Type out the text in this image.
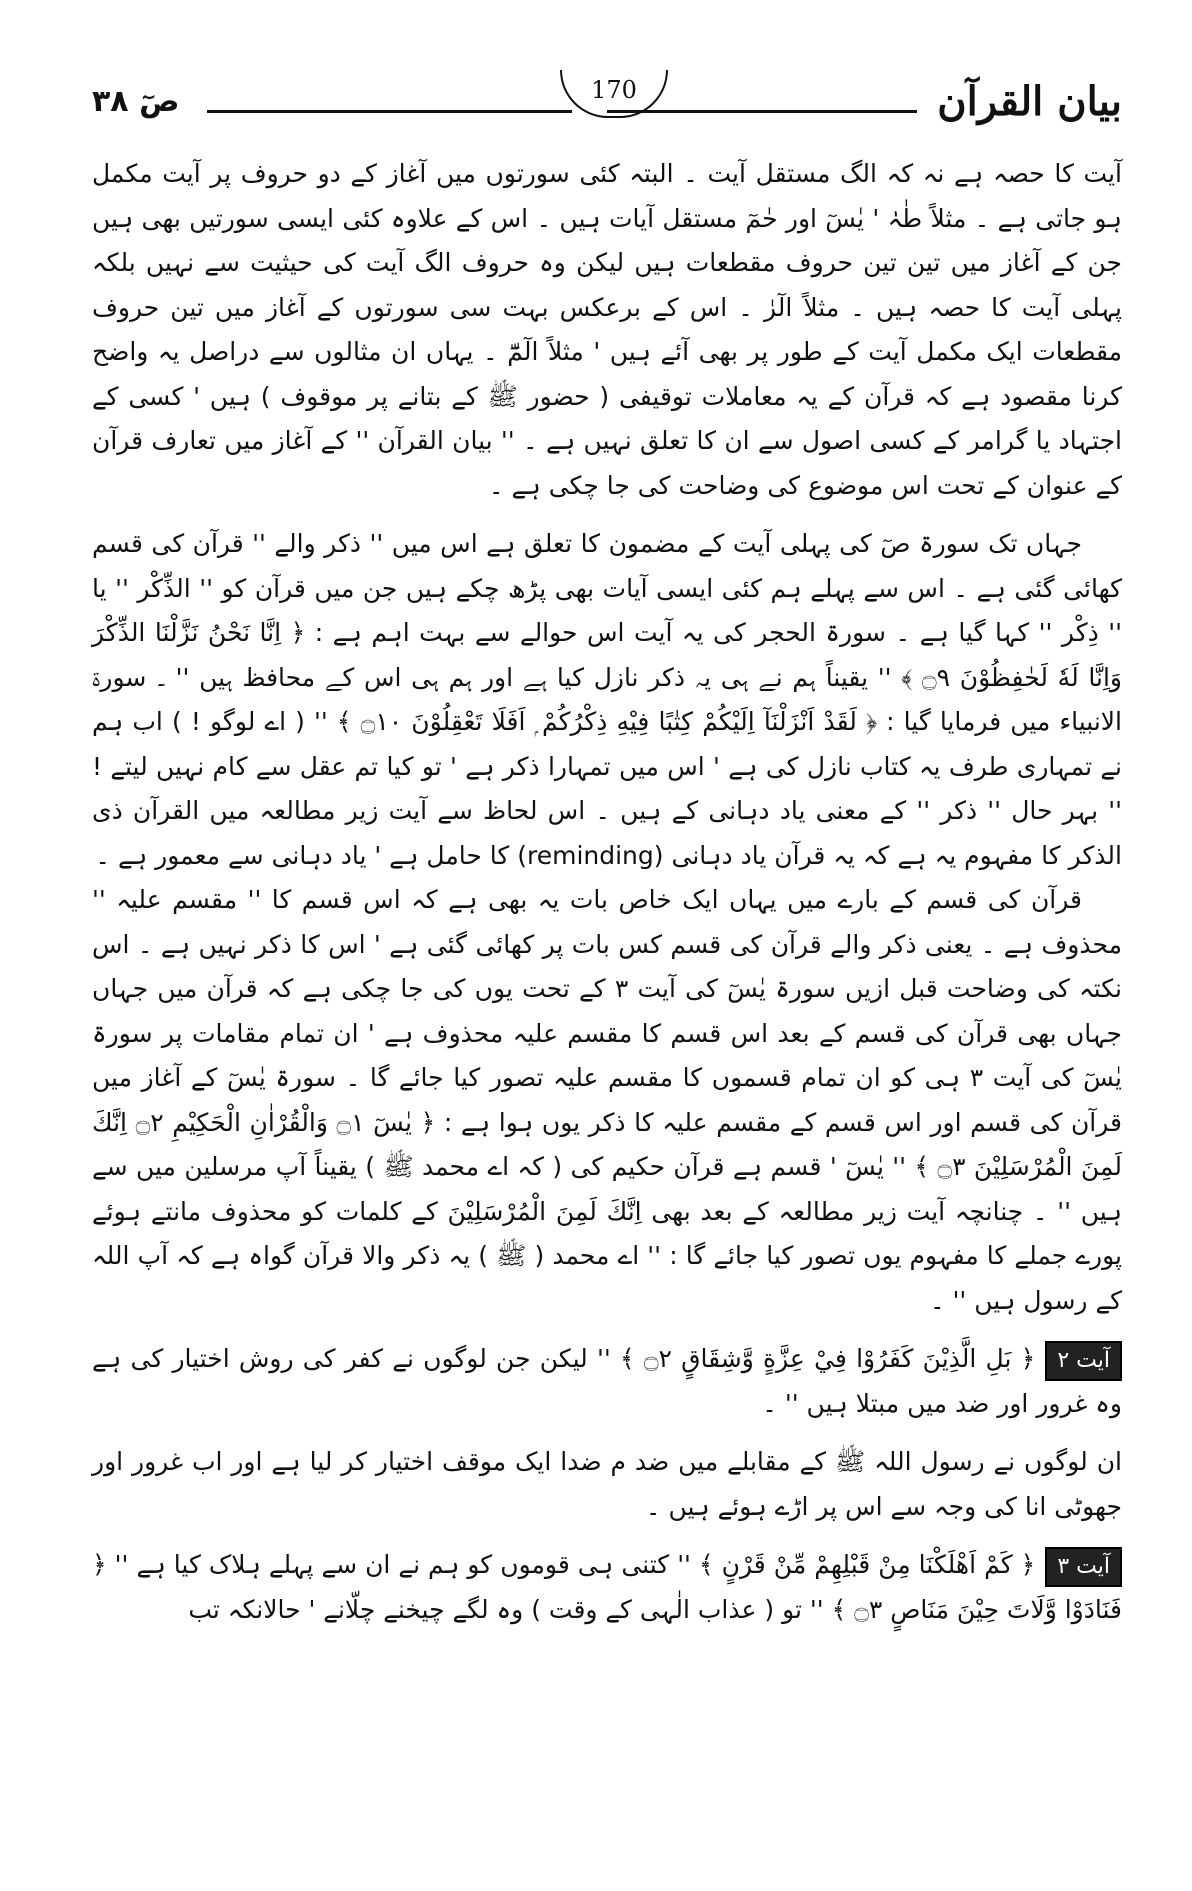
بیان القرآن
170
صٓ ۳۸

آیت کا حصہ ہے نہ کہ الگ مستقل آیت ۔ البتہ کئی سورتوں میں آغاز کے دو حروف پر آیت مکمل ہو جاتی ہے ۔ مثلاً طٰہٰ ' یٰسٓ اور حٰمٓ مستقل آیات ہیں ۔ اس کے علاوہ کئی ایسی سورتیں بھی ہیں جن کے آغاز میں تین تین حروف مقطعات ہیں لیکن وہ حروف الگ آیت کی حیثیت سے نہیں بلکہ پہلی آیت کا حصہ ہیں ۔ مثلاً الٓرٰ ۔ اس کے برعکس بہت سی سورتوں کے آغاز میں تین حروف مقطعات ایک مکمل آیت کے طور پر بھی آئے ہیں ' مثلاً الٓمّٓ ۔ یہاں ان مثالوں سے دراصل یہ واضح کرنا مقصود ہے کہ قرآن کے یہ معاملات توقیفی ( حضور ﷺ کے بتانے پر موقوف ) ہیں ' کسی کے اجتہاد یا گرامر کے کسی اصول سے ان کا تعلق نہیں ہے ۔ '' بیان القرآن '' کے آغاز میں تعارف قرآن کے عنوان کے تحت اس موضوع کی وضاحت کی جا چکی ہے ۔

جہاں تک سورۃ صٓ کی پہلی آیت کے مضمون کا تعلق ہے اس میں '' ذکر والے '' قرآن کی قسم کھائی گئی ہے ۔ اس سے پہلے ہم کئی ایسی آیات بھی پڑھ چکے ہیں جن میں قرآن کو '' الذِّكْر '' یا '' ذِكْر '' کہا گیا ہے ۔ سورۃ الحجر کی یہ آیت اس حوالے سے بہت اہم ہے : ﴿ اِنَّا نَحْنُ نَزَّلْنَا الذِّكْرَ وَاِنَّا لَهٗ لَحٰفِظُوْنَ ۝۹ ﴾ '' یقیناً ہم نے ہی یہ ذکر نازل کیا ہے اور ہم ہی اس کے محافظ ہیں '' ۔ سورۃ الانبیاء میں فرمایا گیا : ﴿ لَقَدْ اَنْزَلْنَآ اِلَيْكُمْ كِتٰبًا فِيْهِ ذِكْرُكُمْ ۭ اَفَلَا تَعْقِلُوْنَ ۝۱۰ ﴾ '' ( اے لوگو ! ) اب ہم نے تمہاری طرف یہ کتاب نازل کی ہے ' اس میں تمہارا ذکر ہے ' تو کیا تم عقل سے کام نہیں لیتے ! '' بہر حال '' ذکر '' کے معنی یاد دہانی کے ہیں ۔ اس لحاظ سے آیت زیر مطالعہ میں القرآن ذی الذکر کا مفہوم یہ ہے کہ یہ قرآن یاد دہانی (reminding) کا حامل ہے ' یاد دہانی سے معمور ہے ۔

قرآن کی قسم کے بارے میں یہاں ایک خاص بات یہ بھی ہے کہ اس قسم کا '' مقسم علیہ '' محذوف ہے ۔ یعنی ذکر والے قرآن کی قسم کس بات پر کھائی گئی ہے ' اس کا ذکر نہیں ہے ۔ اس نکتہ کی وضاحت قبل ازیں سورۃ یٰسٓ کی آیت ۳ کے تحت یوں کی جا چکی ہے کہ قرآن میں جہاں جہاں بھی قرآن کی قسم کے بعد اس قسم کا مقسم علیہ محذوف ہے ' ان تمام مقامات پر سورۃ یٰسٓ کی آیت ۳ ہی کو ان تمام قسموں کا مقسم علیہ تصور کیا جائے گا ۔ سورۃ یٰسٓ کے آغاز میں قرآن کی قسم اور اس قسم کے مقسم علیہ کا ذکر یوں ہوا ہے : ﴿ یٰسٓ ۝۱ وَالْقُرْاٰنِ الْحَكِيْمِ ۝۲ اِنَّكَ لَمِنَ الْمُرْسَلِيْنَ ۝۳ ﴾ '' یٰسٓ ' قسم ہے قرآن حکیم کی ( کہ اے محمد ﷺ ) یقیناً آپ مرسلین میں سے ہیں '' ۔ چنانچہ آیت زیر مطالعہ کے بعد بھی اِنَّكَ لَمِنَ الْمُرْسَلِيْنَ کے کلمات کو محذوف مانتے ہوئے پورے جملے کا مفہوم یوں تصور کیا جائے گا : '' اے محمد ( ﷺ ) یہ ذکر والا قرآن گواہ ہے کہ آپ اللہ کے رسول ہیں '' ۔

آیت ۲﴿ بَلِ الَّذِيْنَ كَفَرُوْا فِيْ عِزَّةٍ وَّشِقَاقٍ ۝۲ ﴾ '' لیکن جن لوگوں نے کفر کی روش اختیار کی ہے وہ غرور اور ضد میں مبتلا ہیں '' ۔

ان لوگوں نے رسول اللہ ﷺ کے مقابلے میں ضد م ضدا ایک موقف اختیار کر لیا ہے اور اب غرور اور جھوٹی انا کی وجہ سے اس پر اڑے ہوئے ہیں ۔

آیت ۳﴿ كَمْ اَهْلَكْنَا مِنْ قَبْلِهِمْ مِّنْ قَرْنٍ ﴾ '' کتنی ہی قوموں کو ہم نے ان سے پہلے ہلاک کیا ہے '' ﴿ فَنَادَوْا وَّلَاتَ حِيْنَ مَنَاصٍ ۝۳ ﴾ '' تو ( عذاب الٰہی کے وقت ) وہ لگے چیخنے چلّانے ' حالانکہ تب
